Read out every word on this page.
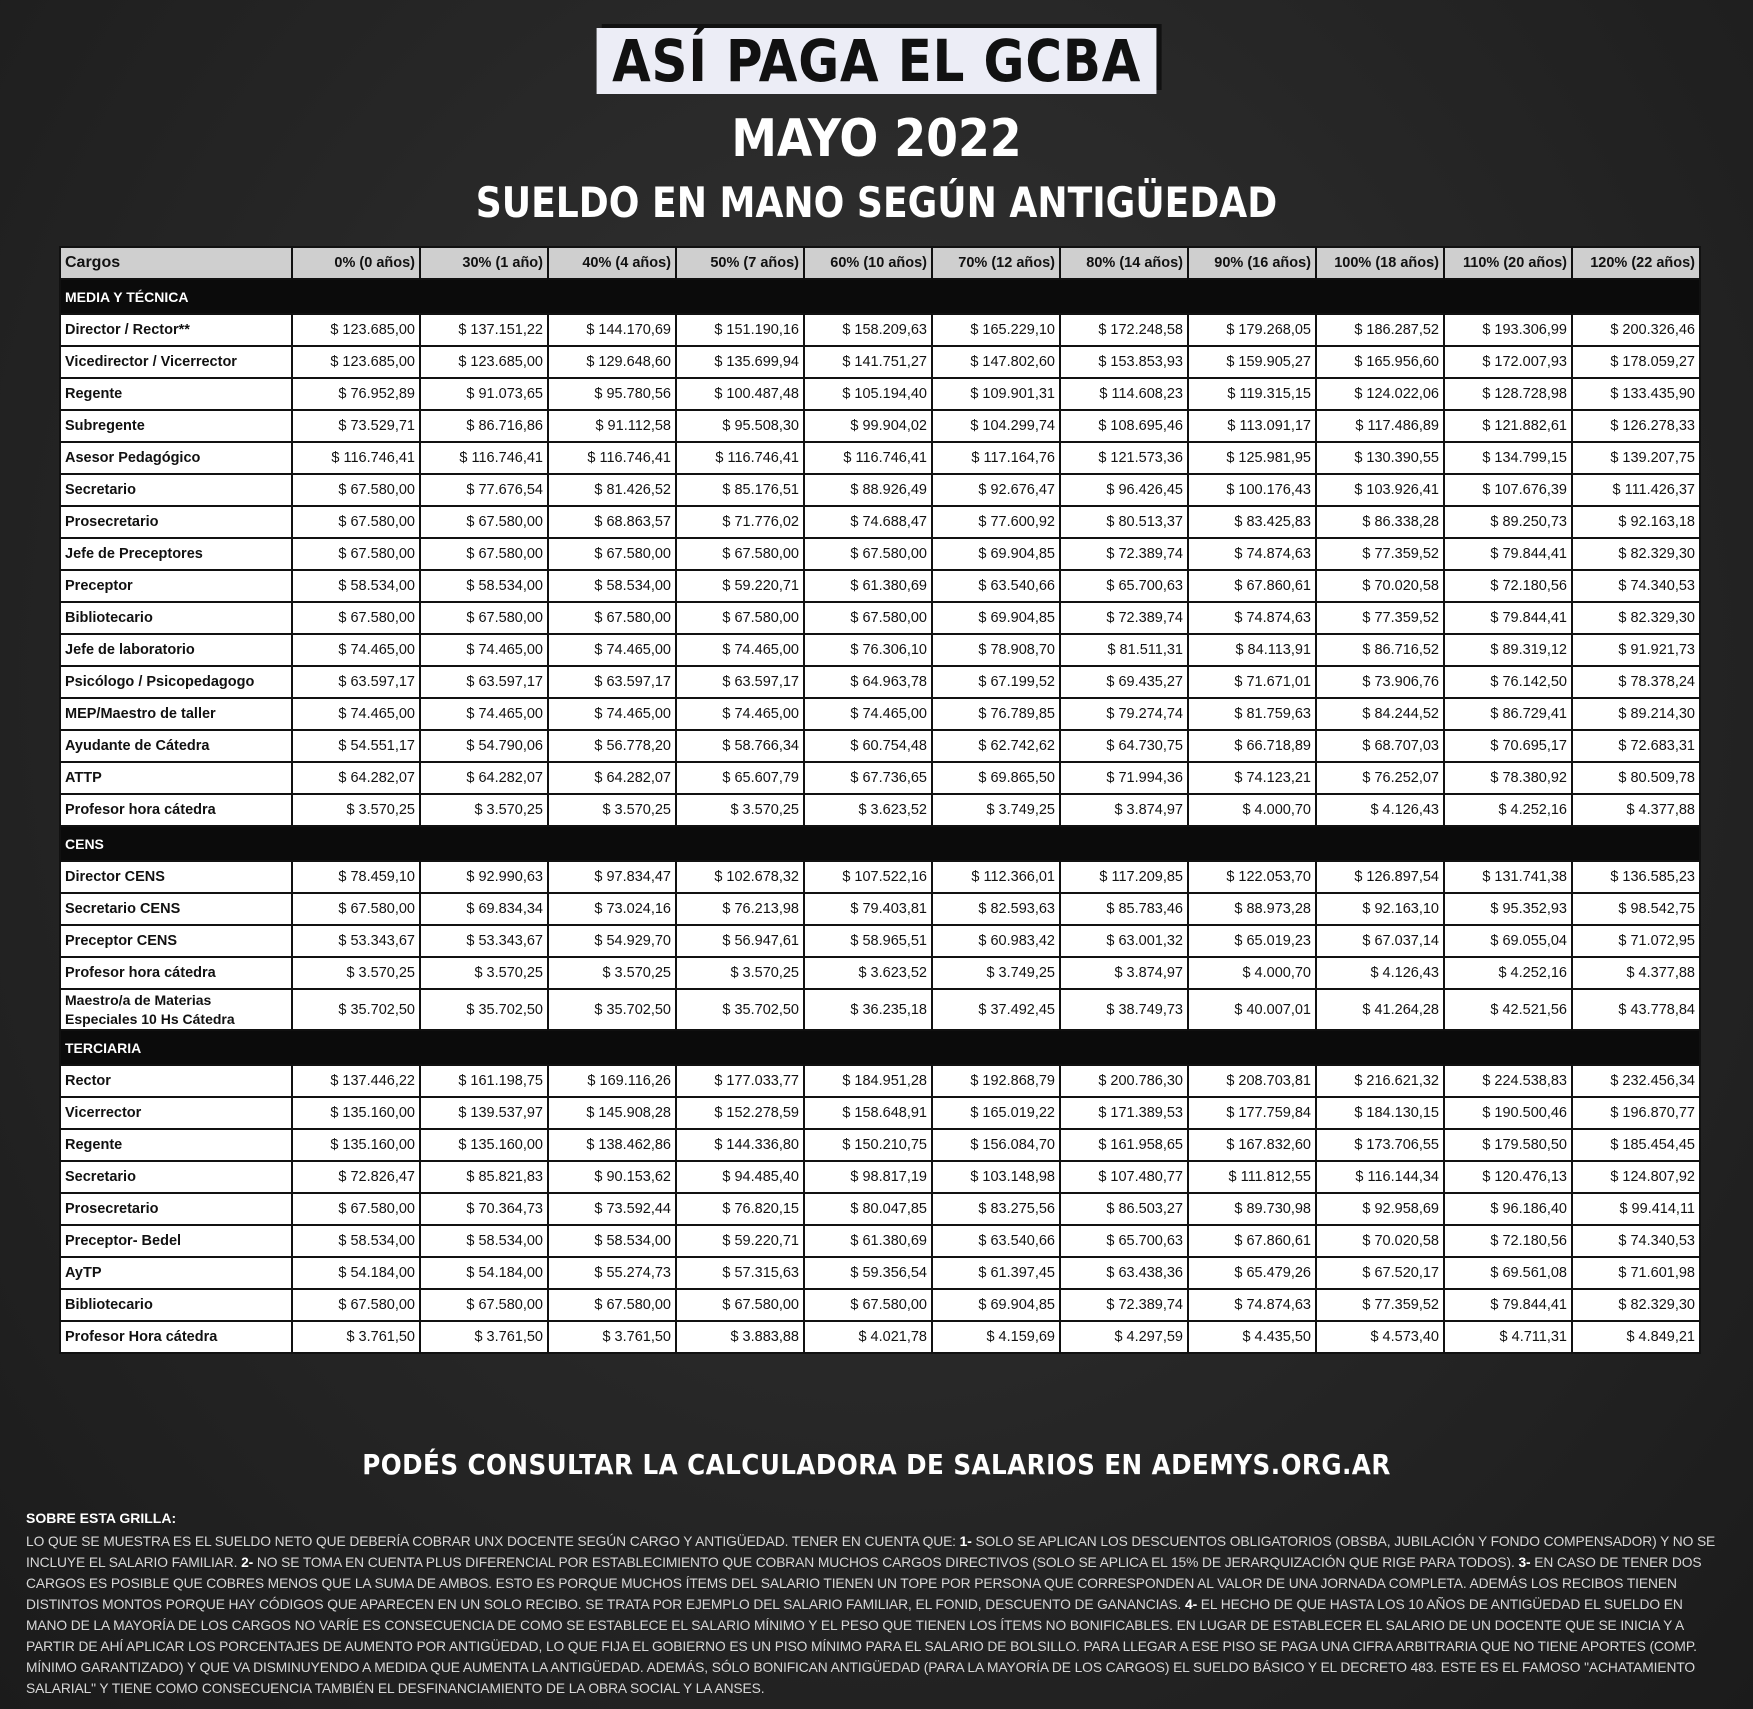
ASÍ PAGA EL GCBA
MAYO 2022
SUELDO EN MANO SEGÚN ANTIGÜEDAD
Cargos	0% (0 años)	30% (1 año)	40% (4 años)	50% (7 años)	60% (10 años)	70% (12 años)	80% (14 años)	90% (16 años)	100% (18 años)	110% (20 años)	120% (22 años)
MEDIA Y TÉCNICA											
Director / Rector**	$ 123.685,00	$ 137.151,22	$ 144.170,69	$ 151.190,16	$ 158.209,63	$ 165.229,10	$ 172.248,58	$ 179.268,05	$ 186.287,52	$ 193.306,99	$ 200.326,46
Vicedirector / Vicerrector	$ 123.685,00	$ 123.685,00	$ 129.648,60	$ 135.699,94	$ 141.751,27	$ 147.802,60	$ 153.853,93	$ 159.905,27	$ 165.956,60	$ 172.007,93	$ 178.059,27
Regente	$ 76.952,89	$ 91.073,65	$ 95.780,56	$ 100.487,48	$ 105.194,40	$ 109.901,31	$ 114.608,23	$ 119.315,15	$ 124.022,06	$ 128.728,98	$ 133.435,90
Subregente	$ 73.529,71	$ 86.716,86	$ 91.112,58	$ 95.508,30	$ 99.904,02	$ 104.299,74	$ 108.695,46	$ 113.091,17	$ 117.486,89	$ 121.882,61	$ 126.278,33
Asesor Pedagógico	$ 116.746,41	$ 116.746,41	$ 116.746,41	$ 116.746,41	$ 116.746,41	$ 117.164,76	$ 121.573,36	$ 125.981,95	$ 130.390,55	$ 134.799,15	$ 139.207,75
Secretario	$ 67.580,00	$ 77.676,54	$ 81.426,52	$ 85.176,51	$ 88.926,49	$ 92.676,47	$ 96.426,45	$ 100.176,43	$ 103.926,41	$ 107.676,39	$ 111.426,37
Prosecretario	$ 67.580,00	$ 67.580,00	$ 68.863,57	$ 71.776,02	$ 74.688,47	$ 77.600,92	$ 80.513,37	$ 83.425,83	$ 86.338,28	$ 89.250,73	$ 92.163,18
Jefe de Preceptores	$ 67.580,00	$ 67.580,00	$ 67.580,00	$ 67.580,00	$ 67.580,00	$ 69.904,85	$ 72.389,74	$ 74.874,63	$ 77.359,52	$ 79.844,41	$ 82.329,30
Preceptor	$ 58.534,00	$ 58.534,00	$ 58.534,00	$ 59.220,71	$ 61.380,69	$ 63.540,66	$ 65.700,63	$ 67.860,61	$ 70.020,58	$ 72.180,56	$ 74.340,53
Bibliotecario	$ 67.580,00	$ 67.580,00	$ 67.580,00	$ 67.580,00	$ 67.580,00	$ 69.904,85	$ 72.389,74	$ 74.874,63	$ 77.359,52	$ 79.844,41	$ 82.329,30
Jefe de laboratorio	$ 74.465,00	$ 74.465,00	$ 74.465,00	$ 74.465,00	$ 76.306,10	$ 78.908,70	$ 81.511,31	$ 84.113,91	$ 86.716,52	$ 89.319,12	$ 91.921,73
Psicólogo / Psicopedagogo	$ 63.597,17	$ 63.597,17	$ 63.597,17	$ 63.597,17	$ 64.963,78	$ 67.199,52	$ 69.435,27	$ 71.671,01	$ 73.906,76	$ 76.142,50	$ 78.378,24
MEP/Maestro de taller	$ 74.465,00	$ 74.465,00	$ 74.465,00	$ 74.465,00	$ 74.465,00	$ 76.789,85	$ 79.274,74	$ 81.759,63	$ 84.244,52	$ 86.729,41	$ 89.214,30
Ayudante de Cátedra	$ 54.551,17	$ 54.790,06	$ 56.778,20	$ 58.766,34	$ 60.754,48	$ 62.742,62	$ 64.730,75	$ 66.718,89	$ 68.707,03	$ 70.695,17	$ 72.683,31
ATTP	$ 64.282,07	$ 64.282,07	$ 64.282,07	$ 65.607,79	$ 67.736,65	$ 69.865,50	$ 71.994,36	$ 74.123,21	$ 76.252,07	$ 78.380,92	$ 80.509,78
Profesor hora cátedra	$ 3.570,25	$ 3.570,25	$ 3.570,25	$ 3.570,25	$ 3.623,52	$ 3.749,25	$ 3.874,97	$ 4.000,70	$ 4.126,43	$ 4.252,16	$ 4.377,88
CENS											
Director CENS	$ 78.459,10	$ 92.990,63	$ 97.834,47	$ 102.678,32	$ 107.522,16	$ 112.366,01	$ 117.209,85	$ 122.053,70	$ 126.897,54	$ 131.741,38	$ 136.585,23
Secretario CENS	$ 67.580,00	$ 69.834,34	$ 73.024,16	$ 76.213,98	$ 79.403,81	$ 82.593,63	$ 85.783,46	$ 88.973,28	$ 92.163,10	$ 95.352,93	$ 98.542,75
Preceptor CENS	$ 53.343,67	$ 53.343,67	$ 54.929,70	$ 56.947,61	$ 58.965,51	$ 60.983,42	$ 63.001,32	$ 65.019,23	$ 67.037,14	$ 69.055,04	$ 71.072,95
Profesor hora cátedra	$ 3.570,25	$ 3.570,25	$ 3.570,25	$ 3.570,25	$ 3.623,52	$ 3.749,25	$ 3.874,97	$ 4.000,70	$ 4.126,43	$ 4.252,16	$ 4.377,88
Maestro/a de Materias Especiales 10 Hs Cátedra	$ 35.702,50	$ 35.702,50	$ 35.702,50	$ 35.702,50	$ 36.235,18	$ 37.492,45	$ 38.749,73	$ 40.007,01	$ 41.264,28	$ 42.521,56	$ 43.778,84
TERCIARIA											
Rector	$ 137.446,22	$ 161.198,75	$ 169.116,26	$ 177.033,77	$ 184.951,28	$ 192.868,79	$ 200.786,30	$ 208.703,81	$ 216.621,32	$ 224.538,83	$ 232.456,34
Vicerrector	$ 135.160,00	$ 139.537,97	$ 145.908,28	$ 152.278,59	$ 158.648,91	$ 165.019,22	$ 171.389,53	$ 177.759,84	$ 184.130,15	$ 190.500,46	$ 196.870,77
Regente	$ 135.160,00	$ 135.160,00	$ 138.462,86	$ 144.336,80	$ 150.210,75	$ 156.084,70	$ 161.958,65	$ 167.832,60	$ 173.706,55	$ 179.580,50	$ 185.454,45
Secretario	$ 72.826,47	$ 85.821,83	$ 90.153,62	$ 94.485,40	$ 98.817,19	$ 103.148,98	$ 107.480,77	$ 111.812,55	$ 116.144,34	$ 120.476,13	$ 124.807,92
Prosecretario	$ 67.580,00	$ 70.364,73	$ 73.592,44	$ 76.820,15	$ 80.047,85	$ 83.275,56	$ 86.503,27	$ 89.730,98	$ 92.958,69	$ 96.186,40	$ 99.414,11
Preceptor- Bedel	$ 58.534,00	$ 58.534,00	$ 58.534,00	$ 59.220,71	$ 61.380,69	$ 63.540,66	$ 65.700,63	$ 67.860,61	$ 70.020,58	$ 72.180,56	$ 74.340,53
AyTP	$ 54.184,00	$ 54.184,00	$ 55.274,73	$ 57.315,63	$ 59.356,54	$ 61.397,45	$ 63.438,36	$ 65.479,26	$ 67.520,17	$ 69.561,08	$ 71.601,98
Bibliotecario	$ 67.580,00	$ 67.580,00	$ 67.580,00	$ 67.580,00	$ 67.580,00	$ 69.904,85	$ 72.389,74	$ 74.874,63	$ 77.359,52	$ 79.844,41	$ 82.329,30
Profesor Hora cátedra	$ 3.761,50	$ 3.761,50	$ 3.761,50	$ 3.883,88	$ 4.021,78	$ 4.159,69	$ 4.297,59	$ 4.435,50	$ 4.573,40	$ 4.711,31	$ 4.849,21
PODÉS CONSULTAR LA CALCULADORA DE SALARIOS EN ADEMYS.ORG.AR
SOBRE ESTA GRILLA:

LO QUE SE MUESTRA ES EL SUELDO NETO QUE DEBERÍA COBRAR UNX DOCENTE SEGÚN CARGO Y ANTIGÜEDAD. TENER EN CUENTA QUE: 1- SOLO SE APLICAN LOS DESCUENTOS OBLIGATORIOS (OBSBA, JUBILACIÓN Y FONDO COMPENSADOR) Y NO SE INCLUYE EL SALARIO FAMILIAR. 2- NO SE TOMA EN CUENTA PLUS DIFERENCIAL POR ESTABLECIMIENTO QUE COBRAN MUCHOS CARGOS DIRECTIVOS (SOLO SE APLICA EL 15% DE JERARQUIZACIÓN QUE RIGE PARA TODOS). 3- EN CASO DE TENER DOS CARGOS ES POSIBLE QUE COBRES MENOS QUE LA SUMA DE AMBOS. ESTO ES PORQUE MUCHOS ÍTEMS DEL SALARIO TIENEN UN TOPE POR PERSONA QUE CORRESPONDEN AL VALOR DE UNA JORNADA COMPLETA. ADEMÁS LOS RECIBOS TIENEN DISTINTOS MONTOS PORQUE HAY CÓDIGOS QUE APARECEN EN UN SOLO RECIBO. SE TRATA POR EJEMPLO DEL SALARIO FAMILIAR, EL FONID, DESCUENTO DE GANANCIAS. 4- EL HECHO DE QUE HASTA LOS 10 AÑOS DE ANTIGÜEDAD EL SUELDO EN MANO DE LA MAYORÍA DE LOS CARGOS NO VARÍE ES CONSECUENCIA DE COMO SE ESTABLECE EL SALARIO MÍNIMO Y EL PESO QUE TIENEN LOS ÍTEMS NO BONIFICABLES. EN LUGAR DE ESTABLECER EL SALARIO DE UN DOCENTE QUE SE INICIA Y A PARTIR DE AHÍ APLICAR LOS PORCENTAJES DE AUMENTO POR ANTIGÜEDAD, LO QUE FIJA EL GOBIERNO ES UN PISO MÍNIMO PARA EL SALARIO DE BOLSILLO. PARA LLEGAR A ESE PISO SE PAGA UNA CIFRA ARBITRARIA QUE NO TIENE APORTES (COMP. MÍNIMO GARANTIZADO) Y QUE VA DISMINUYENDO A MEDIDA QUE AUMENTA LA ANTIGÜEDAD. ADEMÁS, SÓLO BONIFICAN ANTIGÜEDAD (PARA LA MAYORÍA DE LOS CARGOS) EL SUELDO BÁSICO Y EL DECRETO 483. ESTE ES EL FAMOSO "ACHATAMIENTO SALARIAL" Y TIENE COMO CONSECUENCIA TAMBIÉN EL DESFINANCIAMIENTO DE LA OBRA SOCIAL Y LA ANSES.
